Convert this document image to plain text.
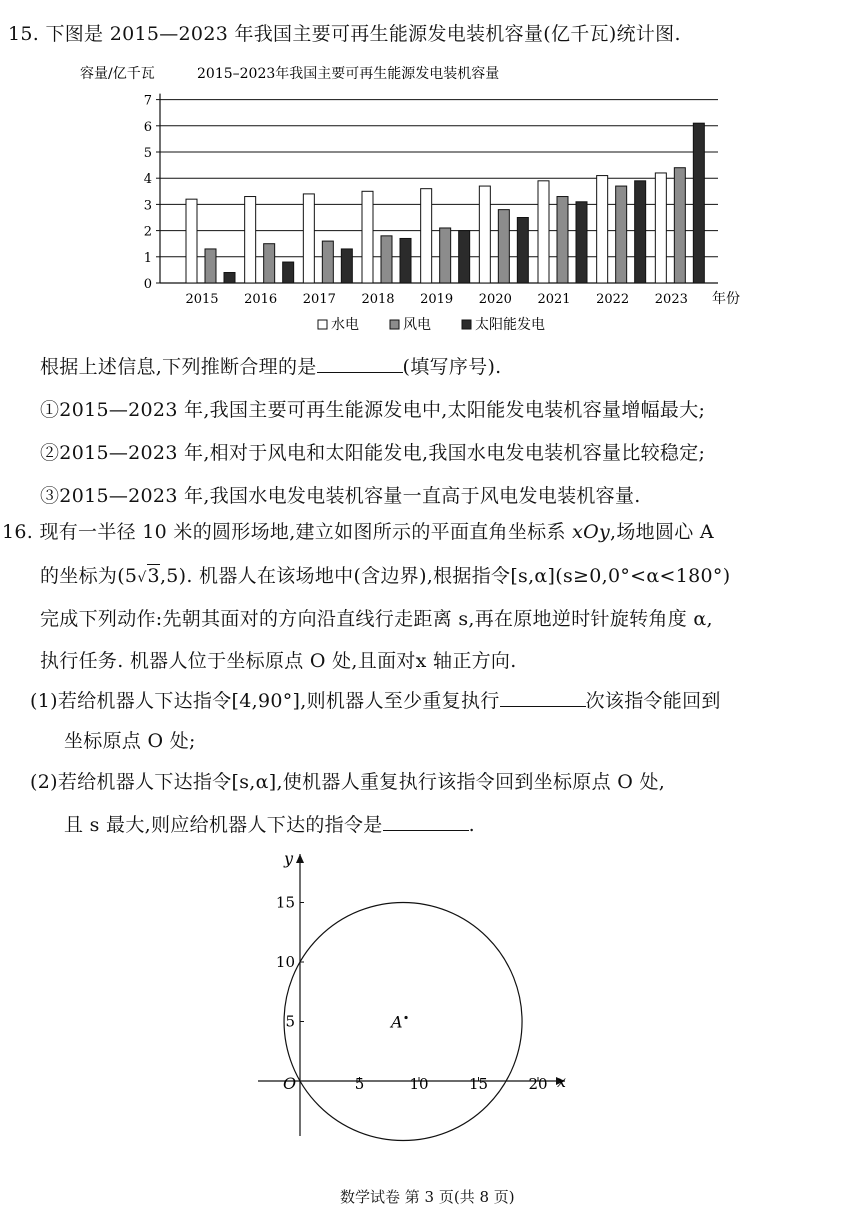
15. 下图是 2015—2023 年我国主要可再生能源发电装机容量(亿千瓦)统计图.
0
1
2
3
4
5
6
7
容量/亿千瓦	2015–2023年我国主要可再生能源发电装机容量
年份
2015 2016 2017 2018 2019 2020 2021 2022 2023
水电	风电	太阳能发电
根据上述信息,下列推断合理的是	(填写序号).
①2015—2023 年,我国主要可再生能源发电中,太阳能发电装机容量增幅最大;
②2015—2023 年,相对于风电和太阳能发电,我国水电发电装机容量比较稳定;
③2015—2023 年,我国水电发电装机容量一直高于风电发电装机容量.
16. 现有一半径 10 米的圆形场地,建立如图所示的平面直角坐标系 xOy,场地圆心 A
的坐标为(5√3,5). 机器人在该场地中(含边界),根据指令[s,α](s≥0,0°<α<180°)
完成下列动作:先朝其面对的方向沿直线行走距离 s,再在原地逆时针旋转角度 α,
执行任务. 机器人位于坐标原点 O 处,且面对x 轴正方向.
(1)若给机器人下达指令[4,90°],则机器人至少重复执行	次该指令能回到
坐标原点 O 处;
(2)若给机器人下达指令[s,α],使机器人重复执行该指令回到坐标原点 O 处,
且 s 最大,则应给机器人下达的指令是	.
x
y
O	5	10	15	20
5
10
15
A
数学试卷 第 3 页(共 8 页)
